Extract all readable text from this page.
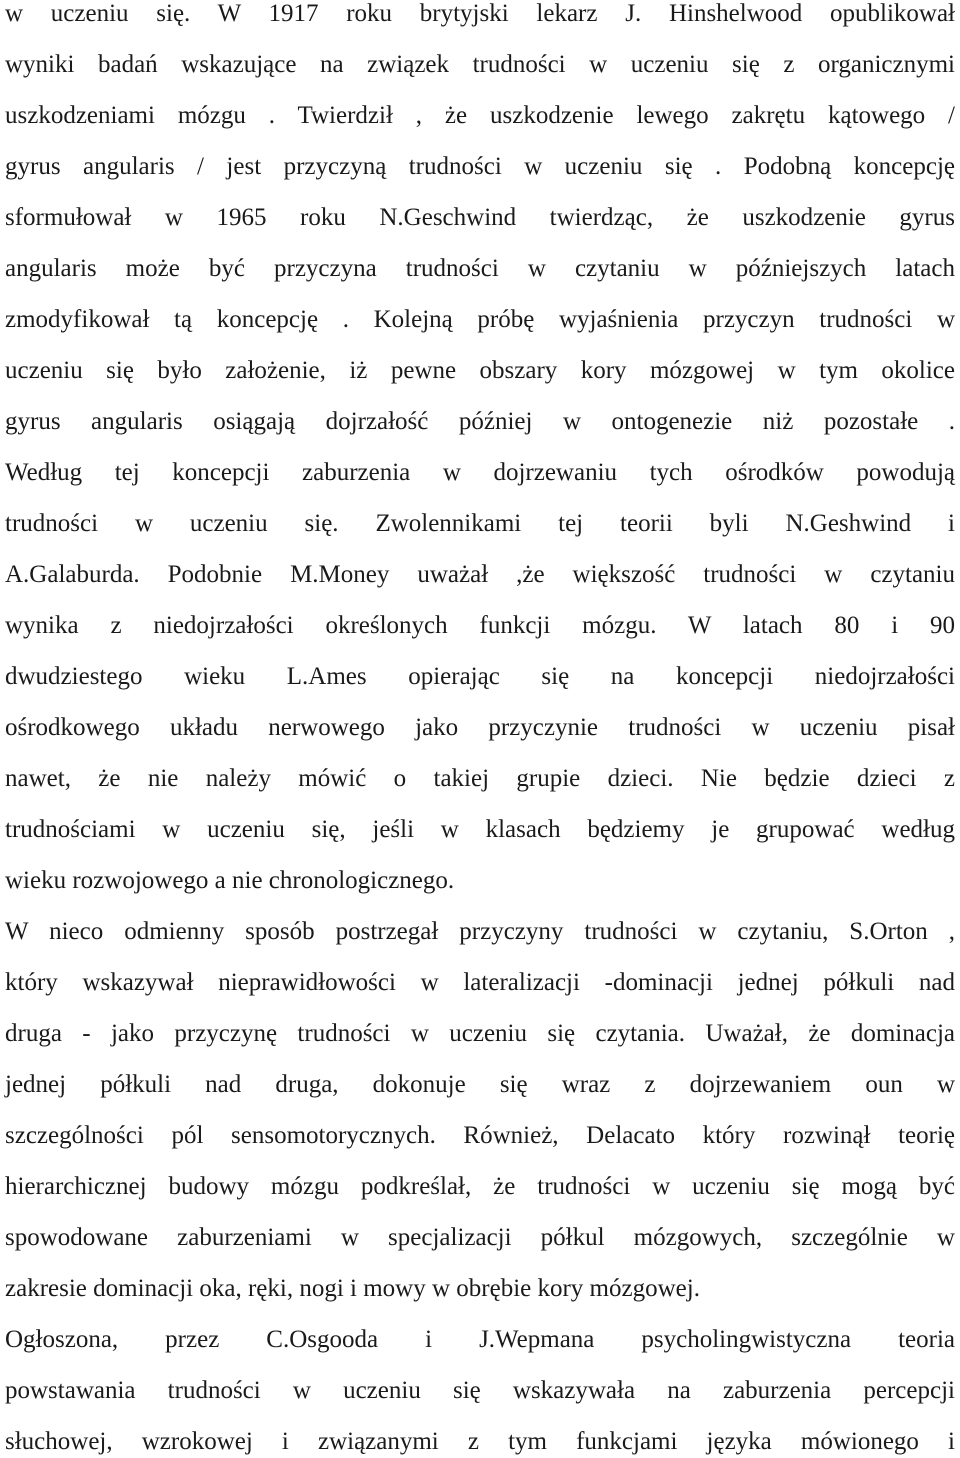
w uczeniu się. W 1917 roku brytyjski lekarz J. Hinshelwood opublikował
wyniki badań wskazujące na związek trudności w uczeniu się z organicznymi
uszkodzeniami mózgu . Twierdził , że uszkodzenie lewego zakrętu kątowego /
gyrus angularis / jest przyczyną trudności w uczeniu się . Podobną koncepcję
sformułował w 1965 roku N.Geschwind twierdząc, że uszkodzenie gyrus
angularis może być przyczyna trudności w czytaniu w późniejszych latach
zmodyfikował tą koncepcję . Kolejną próbę wyjaśnienia przyczyn trudności w
uczeniu się było założenie, iż pewne obszary kory mózgowej w tym okolice
gyrus angularis osiągają dojrzałość później w ontogenezie niż pozostałe .
Według tej koncepcji zaburzenia w dojrzewaniu tych ośrodków powodują
trudności w uczeniu się. Zwolennikami tej teorii byli N.Geshwind i
A.Galaburda. Podobnie M.Money uważał ,że większość trudności w czytaniu
wynika z niedojrzałości określonych funkcji mózgu. W latach 80 i 90
dwudziestego wieku L.Ames opierając się na koncepcji niedojrzałości
ośrodkowego układu nerwowego jako przyczynie trudności w uczeniu pisał
nawet, że nie należy mówić o takiej grupie dzieci. Nie będzie dzieci z
trudnościami w uczeniu się, jeśli w klasach będziemy je grupować według
wieku rozwojowego a nie chronologicznego.
W nieco odmienny sposób postrzegał przyczyny trudności w czytaniu, S.Orton ,
który wskazywał nieprawidłowości w lateralizacji -dominacji jednej półkuli nad
druga - jako przyczynę trudności w uczeniu się czytania. Uważał, że dominacja
jednej półkuli nad druga, dokonuje się wraz z dojrzewaniem oun w
szczególności pól sensomotorycznych. Również, Delacato który rozwinął teorię
hierarchicznej budowy mózgu podkreślał, że trudności w uczeniu się mogą być
spowodowane zaburzeniami w specjalizacji półkul mózgowych, szczególnie w
zakresie dominacji oka, ręki, nogi i mowy w obrębie kory mózgowej.
Ogłoszona, przez C.Osgooda i J.Wepmana psycholingwistyczna teoria
powstawania trudności w uczeniu się wskazywała na zaburzenia percepcji
słuchowej, wzrokowej i związanymi z tym funkcjami języka mówionego i
